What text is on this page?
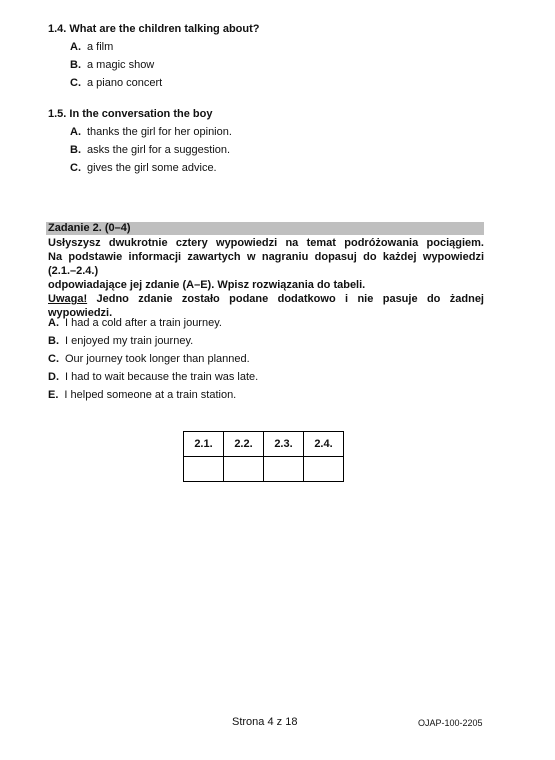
1.4. What are the children talking about?
A. a film
B. a magic show
C. a piano concert
1.5. In the conversation the boy
A. thanks the girl for her opinion.
B. asks the girl for a suggestion.
C. gives the girl some advice.
Zadanie 2. (0–4)
Usłyszysz dwukrotnie cztery wypowiedzi na temat podróżowania pociągiem.
Na podstawie informacji zawartych w nagraniu dopasuj do każdej wypowiedzi (2.1.–2.4.)
odpowiadające jej zdanie (A–E). Wpisz rozwiązania do tabeli.
Uwaga! Jedno zdanie zostało podane dodatkowo i nie pasuje do żadnej wypowiedzi.
A. I had a cold after a train journey.
B. I enjoyed my train journey.
C. Our journey took longer than planned.
D. I had to wait because the train was late.
E. I helped someone at a train station.
2.1.	2.2.	2.3.	2.4.

Strona 4 z 18	OJAP-100-2205
